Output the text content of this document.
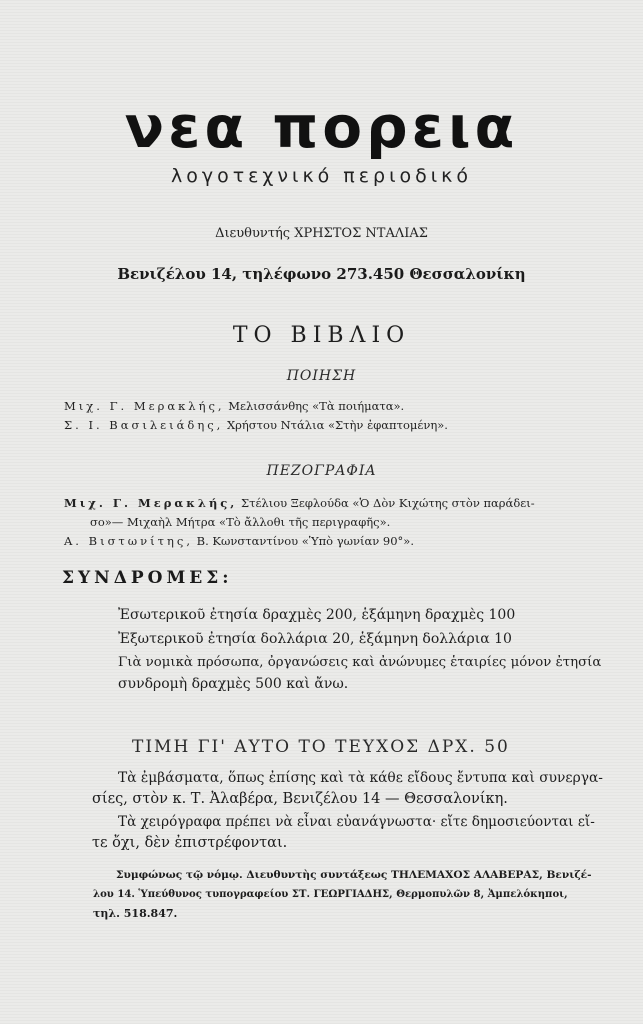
νεα πορεια
λογοτεχνικό περιοδικό
Διευθυντής ΧΡΗΣΤΟΣ ΝΤΑΛΙΑΣ
Βενιζέλου 14, τηλέφωνο 273.450 Θεσσαλονίκη
ΤΟ ΒΙΒΛΙΟ
ΠΟΙΗΣΗ
Μιχ. Γ. Μερακλής, Μελισσάνθης «Τὰ ποιήματα».
Σ. Ι. Βασιλειάδης, Χρήστου Ντάλια «Στὴν ἐφαπτομένη».
ΠΕΖΟΓΡΑΦΙΑ
Μιχ. Γ. Μερακλής, Στέλιου Ξεφλούδα «Ὁ Δὸν Κιχώτης στὸν παράδει-
σο»— Μιχαὴλ Μήτρα «Τὸ ἄλλοθι τῆς περιγραφῆς».
Α. Βιστωνίτης, Β. Κωνσταντίνου «Ὑπὸ γωνίαν 90°».
ΣΥΝΔΡΟΜΕΣ:
Ἐσωτερικοῦ ἐτησία δραχμὲς 200, ἑξάμηνη δραχμὲς 100
Ἐξωτερικοῦ ἐτησία δολλάρια 20, ἑξάμηνη δολλάρια 10
Γιὰ νομικὰ πρόσωπα, ὀργανώσεις καὶ ἀνώνυμες ἑταιρίες μόνον ἐτησία
συνδρομὴ δραχμὲς 500 καὶ ἄνω.
ΤΙΜΗ ΓΙ' ΑΥΤΟ ΤΟ ΤΕΥΧΟΣ ΔΡΧ. 50
Τὰ ἐμβάσματα, ὅπως ἐπίσης καὶ τὰ κάθε εἴδους ἔντυπα καὶ συνεργα-
σίες, στὸν κ. Τ. Ἀλαβέρα, Βενιζέλου 14 — Θεσσαλονίκη.
Τὰ χειρόγραφα πρέπει νὰ εἶναι εὐανάγνωστα· εἴτε δημοσιεύονται εἴ-
τε ὄχι, δὲν ἐπιστρέφονται.
Συμφώνως τῷ νόμῳ. Διευθυντὴς συντάξεως ΤΗΛΕΜΑΧΟΣ ΑΛΑΒΕΡΑΣ, Βενιζέ-
λου 14. Ὑπεύθυνος τυπογραφείου ΣΤ. ΓΕΩΡΓΙΑΔΗΣ, Θερμοπυλῶν 8, Ἀμπελόκηποι,
τηλ. 518.847.
